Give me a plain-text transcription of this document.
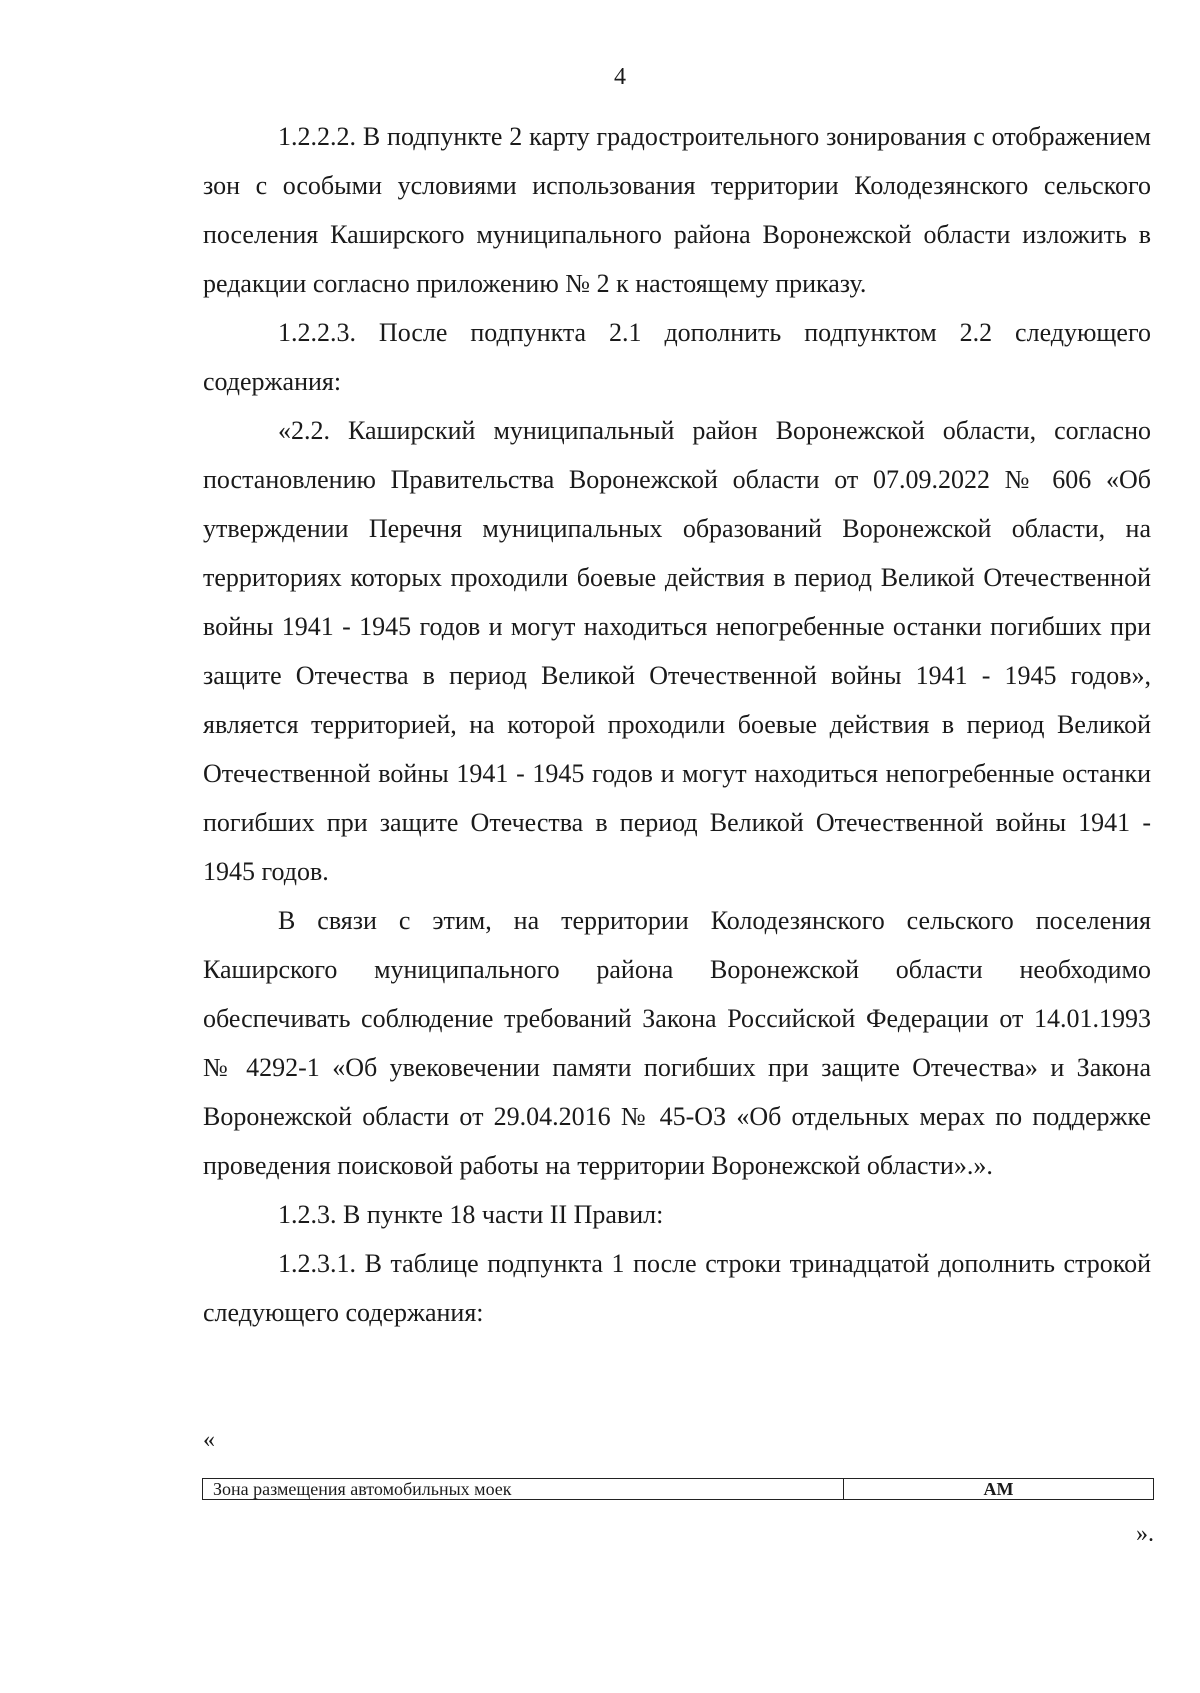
4

1.2.2.2. В подпункте 2 карту градостроительного зонирования с отображением зон с особыми условиями использования территории Колодезянского сельского поселения Каширского муниципального района Воронежской области изложить в редакции согласно приложению № 2 к настоящему приказу.

1.2.2.3. После подпункта 2.1 дополнить подпунктом 2.2 следующего содержания:

«2.2. Каширский муниципальный район Воронежской области, согласно постановлению Правительства Воронежской области от 07.09.2022 № 606 «Об утверждении Перечня муниципальных образований Воронежской области, на территориях которых проходили боевые действия в период Великой Отечественной войны 1941 - 1945 годов и могут находиться непогребенные останки погибших при защите Отечества в период Великой Отечественной войны 1941 - 1945 годов», является территорией, на которой проходили боевые действия в период Великой Отечественной войны 1941 - 1945 годов и могут находиться непогребенные останки погибших при защите Отечества в период Великой Отечественной войны 1941 - 1945 годов.

В связи с этим, на территории Колодезянского сельского поселения Каширского муниципального района Воронежской области необходимо обеспечивать соблюдение требований Закона Российской Федерации от 14.01.1993 № 4292-1 «Об увековечении памяти погибших при защите Отечества» и Закона Воронежской области от 29.04.2016 № 45-ОЗ «Об отдельных мерах по поддержке проведения поисковой работы на территории Воронежской области».».

1.2.3. В пункте 18 части II Правил:

1.2.3.1. В таблице подпункта 1 после строки тринадцатой дополнить строкой следующего содержания:

«
Зона размещения автомобильных моек	АМ
».
